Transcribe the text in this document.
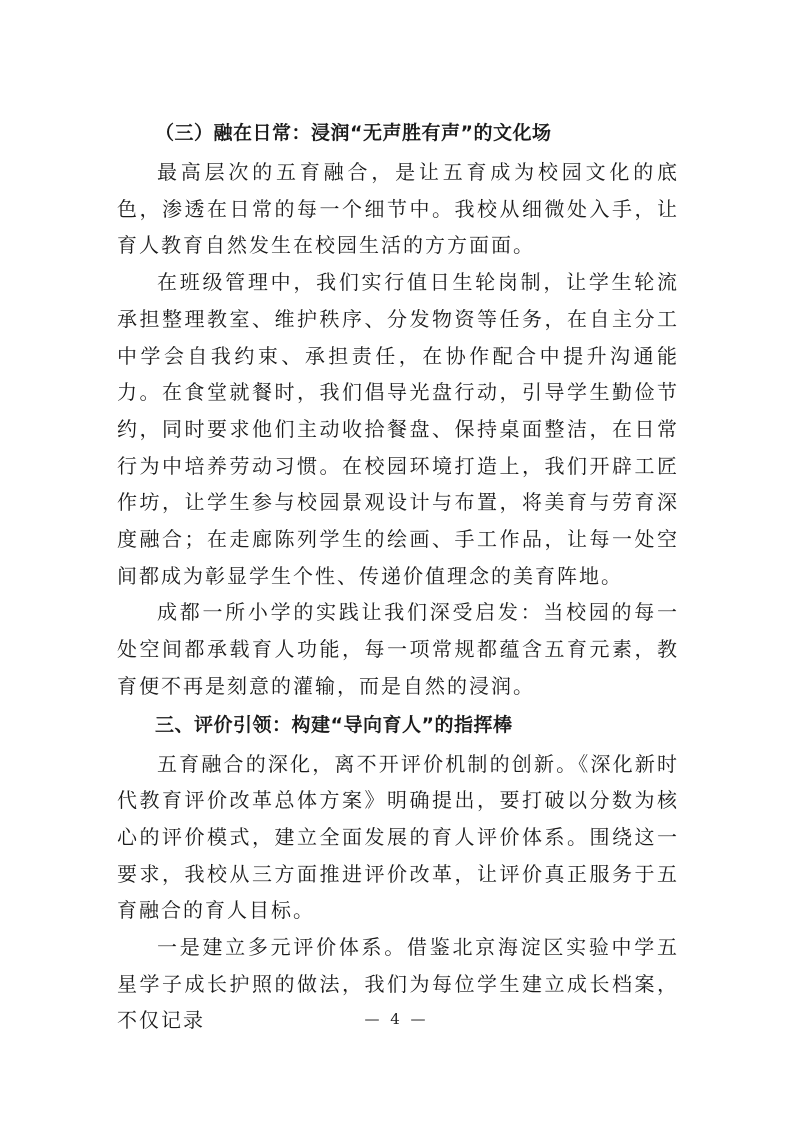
（三）融在日常：浸润“无声胜有声”的文化场

最高层次的五育融合，是让五育成为校园文化的底色，渗透在日常的每一个细节中。我校从细微处入手，让育人教育自然发生在校园生活的方方面面。

在班级管理中，我们实行值日生轮岗制，让学生轮流承担整理教室、维护秩序、分发物资等任务，在自主分工中学会自我约束、承担责任，在协作配合中提升沟通能力。在食堂就餐时，我们倡导光盘行动，引导学生勤俭节约，同时要求他们主动收拾餐盘、保持桌面整洁，在日常行为中培养劳动习惯。在校园环境打造上，我们开辟工匠作坊，让学生参与校园景观设计与布置，将美育与劳育深度融合；在走廊陈列学生的绘画、手工作品，让每一处空间都成为彰显学生个性、传递价值理念的美育阵地。

成都一所小学的实践让我们深受启发：当校园的每一处空间都承载育人功能，每一项常规都蕴含五育元素，教育便不再是刻意的灌输，而是自然的浸润。

三、评价引领：构建“导向育人”的指挥棒

五育融合的深化，离不开评价机制的创新。《深化新时代教育评价改革总体方案》明确提出，要打破以分数为核心的评价模式，建立全面发展的育人评价体系。围绕这一要求，我校从三方面推进评价改革，让评价真正服务于五育融合的育人目标。

一是建立多元评价体系。借鉴北京海淀区实验中学五星学子成长护照的做法，我们为每位学生建立成长档案，不仅记录	— 4 —
